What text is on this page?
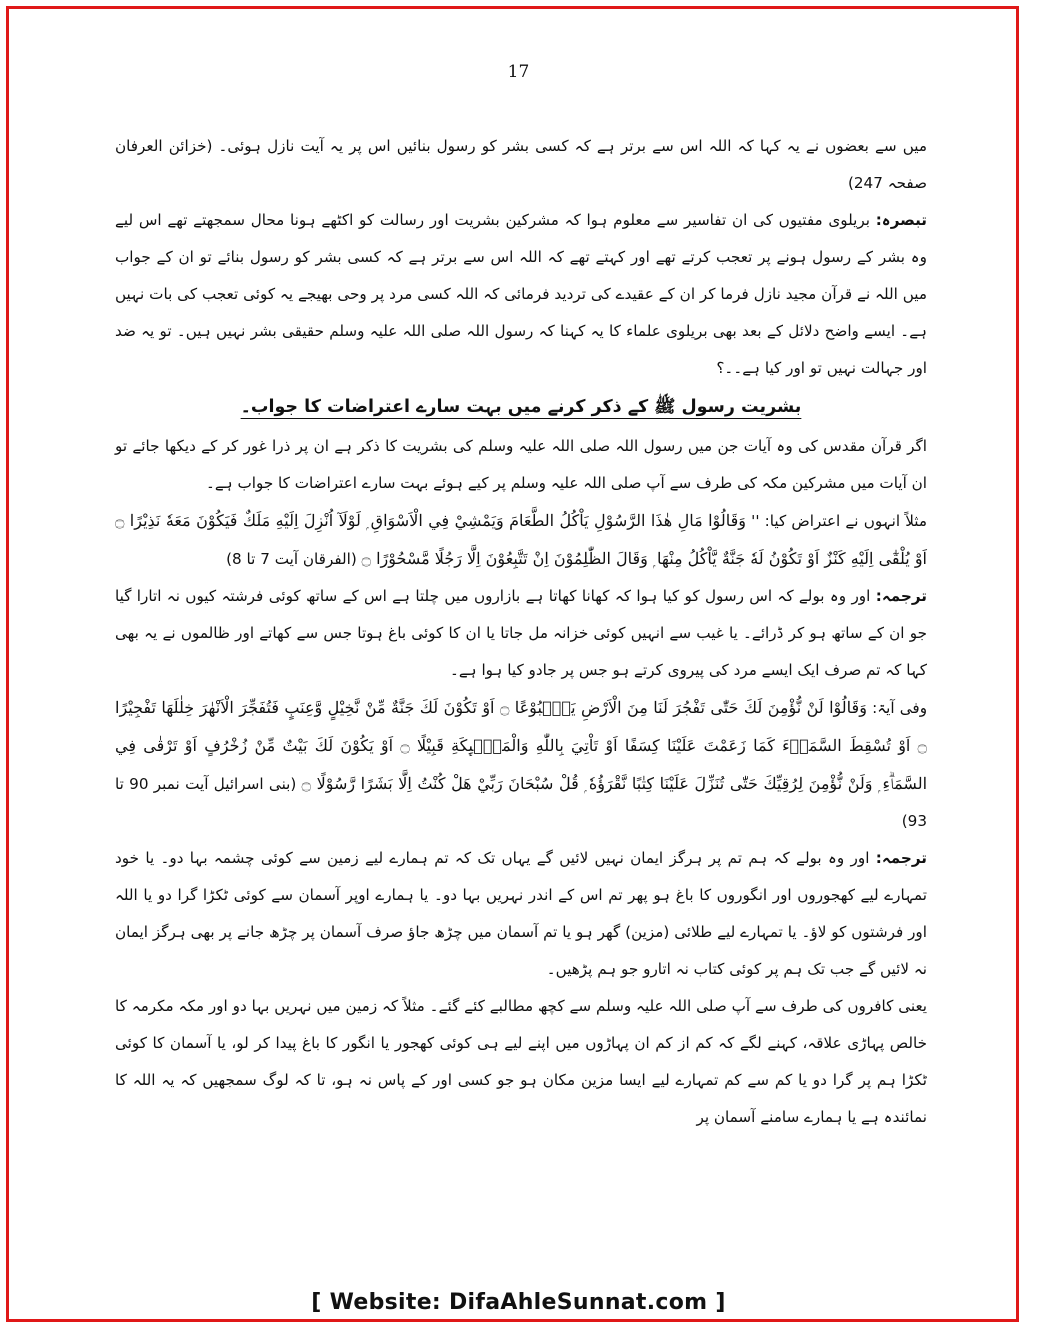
17

میں سے بعضوں نے یہ کہا کہ اللہ اس سے برتر ہے کہ کسی بشر کو رسول بنائیں اس پر یہ آیت نازل ہوئی۔ (خزائن العرفان صفحہ 247)

تبصرہ: بریلوی مفتیوں کی ان تفاسیر سے معلوم ہوا کہ مشرکین بشریت اور رسالت کو اکٹھے ہونا محال سمجھتے تھے اس لیے وہ بشر کے رسول ہونے پر تعجب کرتے تھے اور کہتے تھے کہ اللہ اس سے برتر ہے کہ کسی بشر کو رسول بنائے تو ان کے جواب میں اللہ نے قرآن مجید نازل فرما کر ان کے عقیدے کی تردید فرمائی کہ اللہ کسی مرد پر وحی بھیجے یہ کوئی تعجب کی بات نہیں ہے۔ ایسے واضح دلائل کے بعد بھی بریلوی علماء کا یہ کہنا کہ رسول اللہ صلی اللہ علیہ وسلم حقیقی بشر نہیں ہیں۔ تو یہ ضد اور جہالت نہیں تو اور کیا ہے۔۔؟

بشریت رسول ﷺ کے ذکر کرنے میں بہت سارے اعتراضات کا جواب۔

اگر قرآن مقدس کی وہ آیات جن میں رسول اللہ صلی اللہ علیہ وسلم کی بشریت کا ذکر ہے ان پر ذرا غور کر کے دیکھا جائے تو ان آیات میں مشرکین مکہ کی طرف سے آپ صلی اللہ علیہ وسلم پر کیے ہوئے بہت سارے اعتراضات کا جواب ہے۔

مثلاً انہوں نے اعتراض کیا: '' وَقَالُوْا مَالِ هٰذَا الرَّسُوْلِ يَاْكُلُ الطَّعَامَ وَيَمْشِيْ فِي الْاَسْوَاقِ ۭ لَوْلَآ اُنْزِلَ اِلَيْهِ مَلَكٌ فَيَكُوْنَ مَعَهٗ نَذِيْرًا ۝ اَوْ يُلْقٰٓى اِلَيْهِ كَنْزٌ اَوْ تَكُوْنُ لَهٗ جَنَّةٌ يَّاْكُلُ مِنْهَا ۭ وَقَالَ الظّٰلِمُوْنَ اِنْ تَتَّبِعُوْنَ اِلَّا رَجُلًا مَّسْحُوْرًا ۝ (الفرقان آیت 7 تا 8)

ترجمہ: اور وہ بولے کہ اس رسول کو کیا ہوا کہ کھانا کھاتا ہے بازاروں میں چلتا ہے اس کے ساتھ کوئی فرشتہ کیوں نہ اتارا گیا جو ان کے ساتھ ہو کر ڈرائے۔ یا غیب سے انہیں کوئی خزانہ مل جاتا یا ان کا کوئی باغ ہوتا جس سے کھاتے اور ظالموں نے یہ بھی کہا کہ تم صرف ایک ایسے مرد کی پیروی کرتے ہو جس پر جادو کیا ہوا ہے۔

وفی آیۃ: وَقَالُوْا لَنْ نُّؤْمِنَ لَكَ حَتّٰى تَفْجُرَ لَنَا مِنَ الْاَرْضِ يَنْۢبُوْعًا ۝ اَوْ تَكُوْنَ لَكَ جَنَّةٌ مِّنْ نَّخِيْلٍ وَّعِنَبٍ فَتُفَجِّرَ الْاَنْهٰرَ خِلٰلَهَا تَفْجِيْرًا ۝ اَوْ تُسْقِطَ السَّمَاۗءَ كَمَا زَعَمْتَ عَلَيْنَا كِسَفًا اَوْ تَاْتِيَ بِاللّٰهِ وَالْمَلٰۗىِٕكَةِ قَبِيْلًا ۝ اَوْ يَكُوْنَ لَكَ بَيْتٌ مِّنْ زُخْرُفٍ اَوْ تَرْقٰى فِي السَّمَاۗءِ ۭ وَلَنْ نُّؤْمِنَ لِرُقِيِّكَ حَتّٰى تُنَزِّلَ عَلَيْنَا كِتٰبًا نَّقْرَؤُهٗ ۭ قُلْ سُبْحَانَ رَبِّيْ هَلْ كُنْتُ اِلَّا بَشَرًا رَّسُوْلًا ۝ (بنی اسرائیل آیت نمبر 90 تا 93)

ترجمہ: اور وہ بولے کہ ہم تم پر ہرگز ایمان نہیں لائیں گے یہاں تک کہ تم ہمارے لیے زمین سے کوئی چشمہ بہا دو۔ یا خود تمہارے لیے کھجوروں اور انگوروں کا باغ ہو پھر تم اس کے اندر نہریں بہا دو۔ یا ہمارے اوپر آسمان سے کوئی ٹکڑا گرا دو یا اللہ اور فرشتوں کو لاؤ۔ یا تمہارے لیے طلائی (مزین) گھر ہو یا تم آسمان میں چڑھ جاؤ صرف آسمان پر چڑھ جانے پر بھی ہرگز ایمان نہ لائیں گے جب تک ہم پر کوئی کتاب نہ اتارو جو ہم پڑھیں۔

یعنی کافروں کی طرف سے آپ صلی اللہ علیہ وسلم سے کچھ مطالبے کئے گئے۔ مثلاً کہ زمین میں نہریں بہا دو اور مکہ مکرمہ کا خالص پہاڑی علاقہ، کہنے لگے کہ کم از کم ان پہاڑوں میں اپنے لیے ہی کوئی کھجور یا انگور کا باغ پیدا کر لو، یا آسمان کا کوئی ٹکڑا ہم پر گرا دو یا کم سے کم تمہارے لیے ایسا مزین مکان ہو جو کسی اور کے پاس نہ ہو، تا کہ لوگ سمجھیں کہ یہ اللہ کا نمائندہ ہے یا ہمارے سامنے آسمان پر

[ Website: DifaAhleSunnat.com ]
